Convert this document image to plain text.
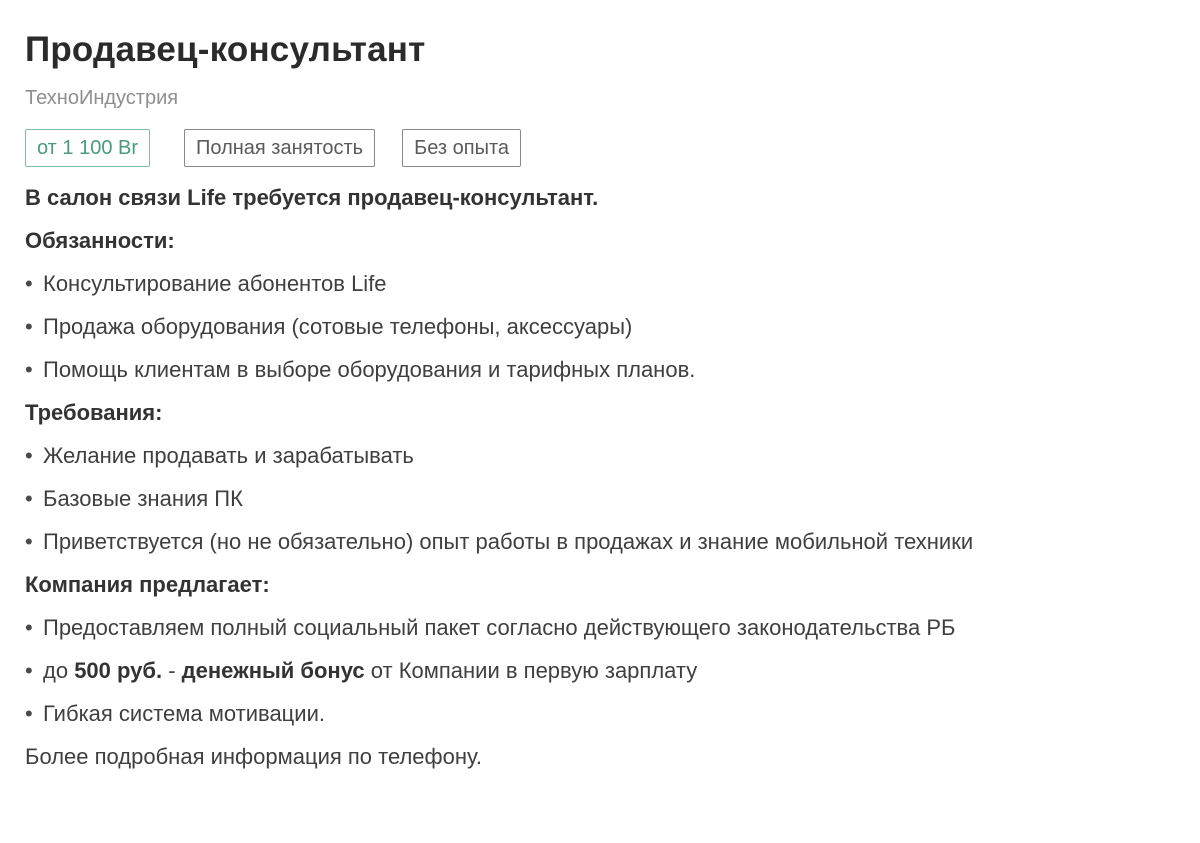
Продавец-консультант
ТехноИндустрия
от 1 100 Br	Полная занятость	Без опыта
В салон связи Life требуется продавец-консультант.
Обязанности:
• Консультирование абонентов Life
• Продажа оборудования (сотовые телефоны, аксессуары)
• Помощь клиентам в выборе оборудования и тарифных планов.
Требования:
• Желание продавать и зарабатывать
• Базовые знания ПК
• Приветствуется (но не обязательно) опыт работы в продажах и знание мобильной техники
Компания предлагает:
• Предоставляем полный социальный пакет согласно действующего законодательства РБ
• до 500 руб. - денежный бонус от Компании в первую зарплату
• Гибкая система мотивации.
Более подробная информация по телефону.
